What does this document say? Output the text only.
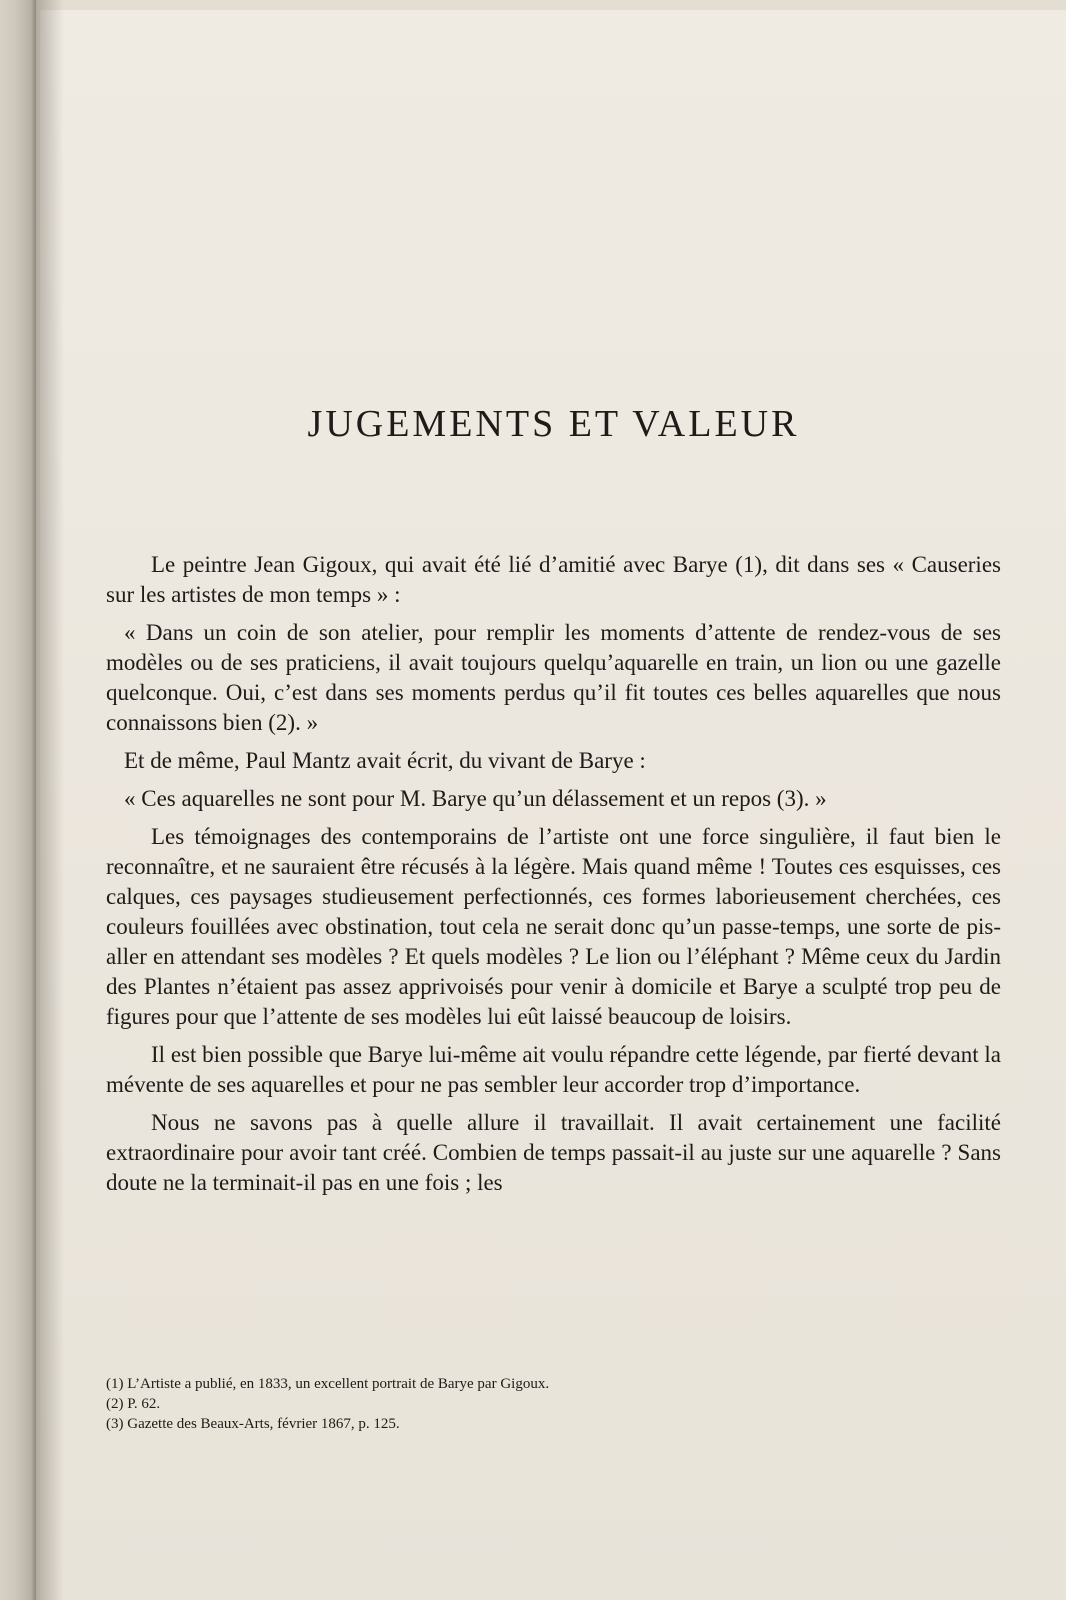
JUGEMENTS ET VALEUR

Le peintre Jean Gigoux, qui avait été lié d’amitié avec Barye (1), dit dans ses « Causeries sur les artistes de mon temps » :

« Dans un coin de son atelier, pour remplir les moments d’attente de rendez-vous de ses modèles ou de ses praticiens, il avait toujours quelqu’aquarelle en train, un lion ou une gazelle quelconque. Oui, c’est dans ses moments perdus qu’il fit toutes ces belles aquarelles que nous connaissons bien (2). »

Et de même, Paul Mantz avait écrit, du vivant de Barye :

« Ces aquarelles ne sont pour M. Barye qu’un délassement et un repos (3). »

Les témoignages des contemporains de l’artiste ont une force singulière, il faut bien le reconnaître, et ne sauraient être récusés à la légère. Mais quand même ! Toutes ces esquisses, ces calques, ces paysages studieusement perfectionnés, ces formes laborieusement cherchées, ces couleurs fouillées avec obstination, tout cela ne serait donc qu’un passe-temps, une sorte de pis-aller en attendant ses modèles ? Et quels modèles ? Le lion ou l’éléphant ? Même ceux du Jardin des Plantes n’étaient pas assez apprivoisés pour venir à domicile et Barye a sculpté trop peu de figures pour que l’attente de ses modèles lui eût laissé beaucoup de loisirs.

Il est bien possible que Barye lui-même ait voulu répandre cette légende, par fierté devant la mévente de ses aquarelles et pour ne pas sembler leur accorder trop d’importance.

Nous ne savons pas à quelle allure il travaillait. Il avait certainement une facilité extraordinaire pour avoir tant créé. Combien de temps passait-il au juste sur une aquarelle ? Sans doute ne la terminait-il pas en une fois ; les

(1) L’Artiste a publié, en 1833, un excellent portrait de Barye par Gigoux.

(2) P. 62.

(3) Gazette des Beaux-Arts, février 1867, p. 125.
